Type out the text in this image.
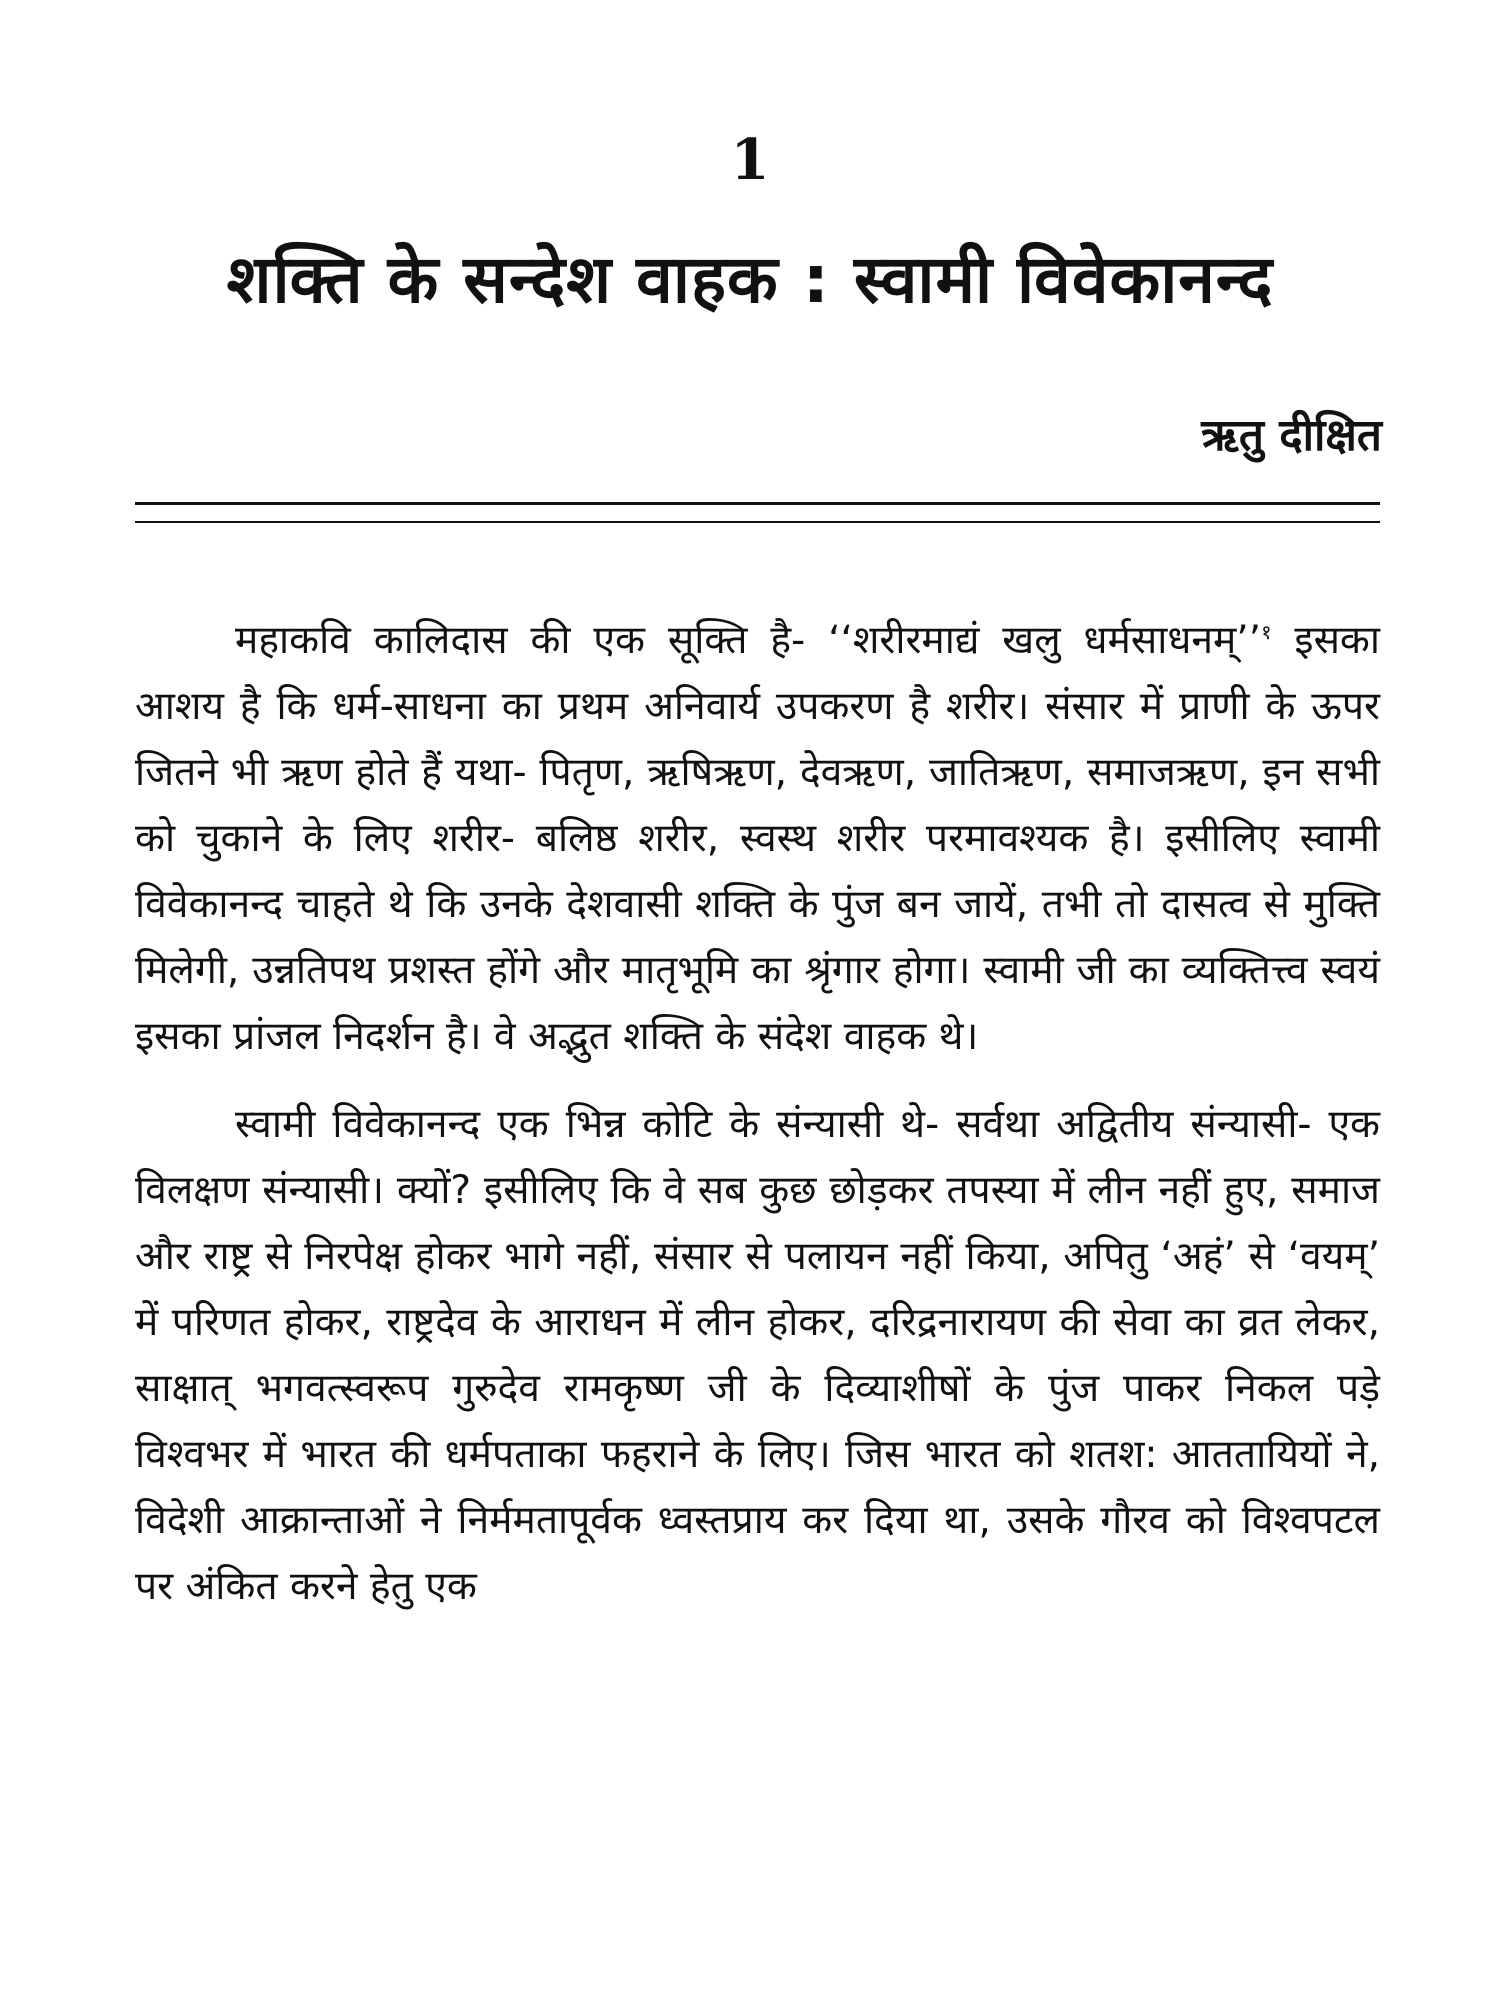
1
शक्ति के सन्देश वाहक : स्वामी विवेकानन्द
ऋतु दीक्षित

महाकवि कालिदास की एक सूक्ति है- ‘‘शरीरमाद्यं खलु धर्मसाधनम्’’$^१$ इसका आशय है कि धर्म-साधना का प्रथम अनिवार्य उपकरण है शरीर। संसार में प्राणी के ऊपर जितने भी ऋण होते हैं यथा- पितृण, ऋषिऋण, देवऋण, जातिऋण, समाजऋण, इन सभी को चुकाने के लिए शरीर- बलिष्ठ शरीर, स्वस्थ शरीर परमावश्यक है। इसीलिए स्वामी विवेकानन्द चाहते थे कि उनके देशवासी शक्ति के पुंज बन जायें, तभी तो दासत्व से मुक्ति मिलेगी, उन्नतिपथ प्रशस्त होंगे और मातृभूमि का श्रृंगार होगा। स्वामी जी का व्यक्तित्त्व स्वयं इसका प्रांजल निदर्शन है। वे अद्भुत शक्ति के संदेश वाहक थे।

स्वामी विवेकानन्द एक भिन्न कोटि के संन्यासी थे- सर्वथा अद्वितीय संन्यासी- एक विलक्षण संन्यासी। क्यों? इसीलिए कि वे सब कुछ छोड़कर तपस्या में लीन नहीं हुए, समाज और राष्ट्र से निरपेक्ष होकर भागे नहीं, संसार से पलायन नहीं किया, अपितु ‘अहं’ से ‘वयम्’ में परिणत होकर, राष्ट्रदेव के आराधन में लीन होकर, दरिद्रनारायण की सेवा का व्रत लेकर, साक्षात् भगवत्स्वरूप गुरुदेव रामकृष्ण जी के दिव्याशीषों के पुंज पाकर निकल पड़े विश्वभर में भारत की धर्मपताका फहराने के लिए। जिस भारत को शतश: आततायियों ने, विदेशी आक्रान्ताओं ने निर्ममतापूर्वक ध्वस्तप्राय कर दिया था, उसके गौरव को विश्वपटल पर अंकित करने हेतु एक
